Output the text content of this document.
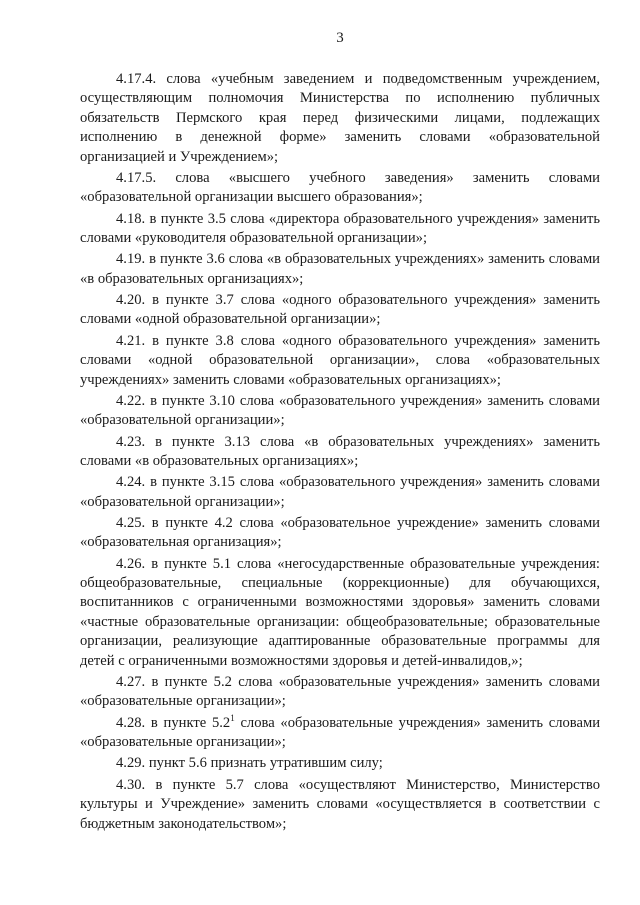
3

4.17.4. слова «учебным заведением и подведомственным учреждением, осуществляющим полномочия Министерства по исполнению публичных обязательств Пермского края перед физическими лицами, подлежащих исполнению в денежной форме» заменить словами «образовательной организацией и Учреждением»;

4.17.5. слова «высшего учебного заведения» заменить словами «образовательной организации высшего образования»;

4.18. в пункте 3.5 слова «директора образовательного учреждения» заменить словами «руководителя образовательной организации»;

4.19. в пункте 3.6 слова «в образовательных учреждениях» заменить словами «в образовательных организациях»;

4.20. в пункте 3.7 слова «одного образовательного учреждения» заменить словами «одной образовательной организации»;

4.21. в пункте 3.8 слова «одного образовательного учреждения» заменить словами «одной образовательной организации», слова «образовательных учреждениях» заменить словами «образовательных организациях»;

4.22. в пункте 3.10 слова «образовательного учреждения» заменить словами «образовательной организации»;

4.23. в пункте 3.13 слова «в образовательных учреждениях» заменить словами «в образовательных организациях»;

4.24. в пункте 3.15 слова «образовательного учреждения» заменить словами «образовательной организации»;

4.25. в пункте 4.2 слова «образовательное учреждение» заменить словами «образовательная организация»;

4.26. в пункте 5.1 слова «негосударственные образовательные учреждения: общеобразовательные, специальные (коррекционные) для обучающихся, воспитанников с ограниченными возможностями здоровья» заменить словами «частные образовательные организации: общеобразовательные; образовательные организации, реализующие адаптированные образовательные программы для детей с ограниченными возможностями здоровья и детей-инвалидов,»;

4.27. в пункте 5.2 слова «образовательные учреждения» заменить словами «образовательные организации»;

4.28. в пункте $5.2^1$ слова «образовательные учреждения» заменить словами «образовательные организации»;

4.29. пункт 5.6 признать утратившим силу;

4.30. в пункте 5.7 слова «осуществляют Министерство, Министерство культуры и Учреждение» заменить словами «осуществляется в соответствии с бюджетным законодательством»;
